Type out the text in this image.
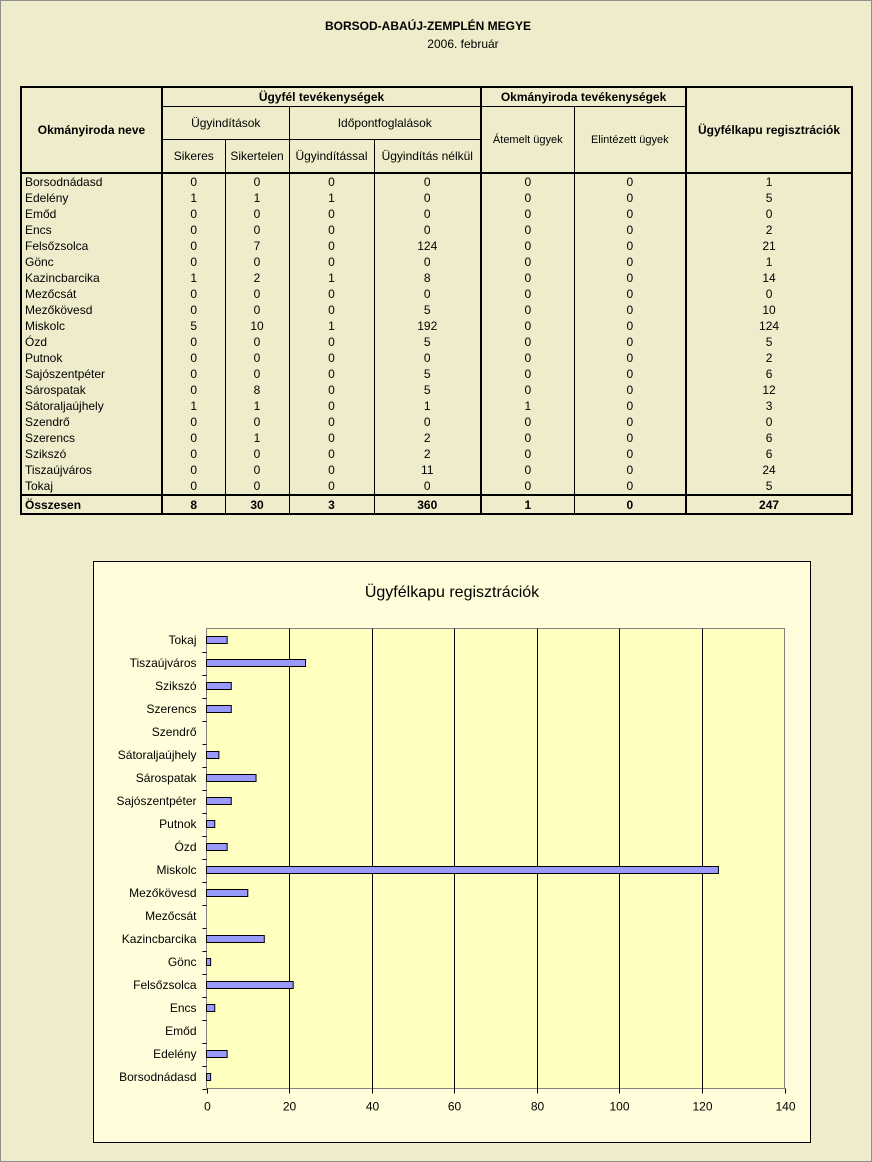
BORSOD-ABAÚJ-ZEMPLÉN MEGYE
2006. február
Okmányiroda neve	Ügyfél tevékenységek				Okmányiroda tevékenységek		Ügyfélkapu regisztrációk
	Ügyindítások		Időpontfoglalások		Átemelt ügyek	Elintézett ügyek	
	Sikeres	Sikertelen	Ügyindítással	Ügyindítás nélkül			
Borsodnádasd	0	0	0	0	0	0	1
Edelény	1	1	1	0	0	0	5
Emőd	0	0	0	0	0	0	0
Encs	0	0	0	0	0	0	2
Felsőzsolca	0	7	0	124	0	0	21
Gönc	0	0	0	0	0	0	1
Kazincbarcika	1	2	1	8	0	0	14
Mezőcsát	0	0	0	0	0	0	0
Mezőkövesd	0	0	0	5	0	0	10
Miskolc	5	10	1	192	0	0	124
Ózd	0	0	0	5	0	0	5
Putnok	0	0	0	0	0	0	2
Sajószentpéter	0	0	0	5	0	0	6
Sárospatak	0	8	0	5	0	0	12
Sátoraljaújhely	1	1	0	1	1	0	3
Szendrő	0	0	0	0	0	0	0
Szerencs	0	1	0	2	0	0	6
Szikszó	0	0	0	2	0	0	6
Tiszaújváros	0	0	0	11	0	0	24
Tokaj	0	0	0	0	0	0	5
Összesen	8	30	3	360	1	0	247
Ügyfélkapu regisztrációk
0	20	40	60	80	100	120	140
Borsodnádasd
Edelény
Emőd
Encs
Felsőzsolca
Gönc
Kazincbarcika
Mezőcsát
Mezőkövesd
Miskolc
Ózd
Putnok
Sajószentpéter
Sárospatak
Sátoraljaújhely
Szendrő
Szerencs
Szikszó
Tiszaújváros
Tokaj
